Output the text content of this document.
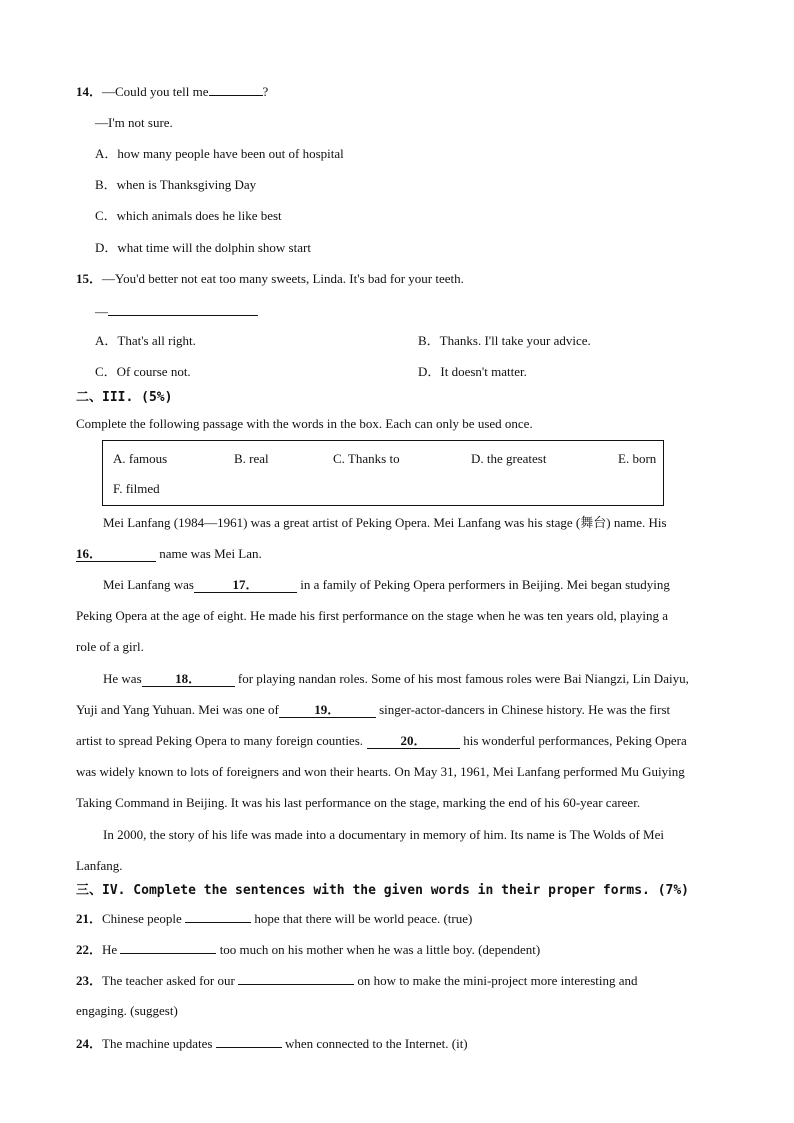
14．—Could you tell me	?
—I'm not sure.
A．how many people have been out of hospital
B．when is Thanksgiving Day
C．which animals does he like best
D．what time will the dolphin show start
15．—You'd better not eat too many sweets, Linda. It's bad for your teeth.
—
A．That's all right.	B．Thanks. I'll take your advice.
C．Of course not.	D．It doesn't matter.
二、III. (5%)
Complete the following passage with the words in the box. Each can only be used once.
A. famous	B. real	C. Thanks to	D. the greatest	E. born
F. filmed
Mei Lanfang (1984—1961) was a great artist of Peking Opera. Mei Lanfang was his stage (舞台) name. His
16．	name was Mei Lan.
Mei Lanfang was	17．	in a family of Peking Opera performers in Beijing. Mei began studying
Peking Opera at the age of eight. He made his first performance on the stage when he was ten years old, playing a
role of a girl.
He was	18．	for playing nandan roles. Some of his most famous roles were Bai Niangzi, Lin Daiyu,
Yuji and Yang Yuhuan. Mei was one of	19．	singer-actor-dancers in Chinese history. He was the first
artist to spread Peking Opera to many foreign counties.	20．	his wonderful performances, Peking Opera
was widely known to lots of foreigners and won their hearts. On May 31, 1961, Mei Lanfang performed Mu Guiying
Taking Command in Beijing. It was his last performance on the stage, marking the end of his 60-year career.
In 2000, the story of his life was made into a documentary in memory of him. Its name is The Wolds of Mei
Lanfang.
三、IV. Complete the sentences with the given words in their proper forms. (7%)
21．Chinese people	hope that there will be world peace. (true)
22．He	too much on his mother when he was a little boy. (dependent)
23．The teacher asked for our	on how to make the mini-project more interesting and
engaging. (suggest)
24．The machine updates	when connected to the Internet. (it)
